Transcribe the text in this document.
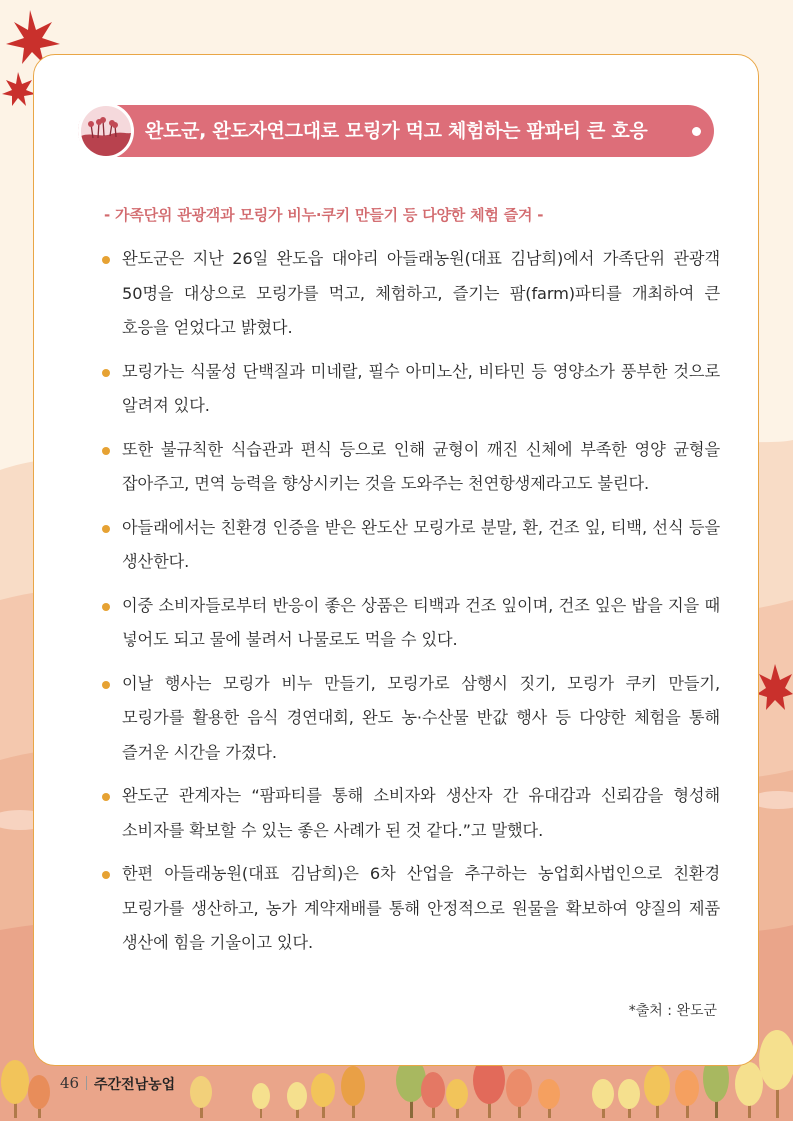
완도군, 완도자연그대로 모링가 먹고 체험하는 팜파티 큰 호응
- 가족단위 관광객과 모링가 비누·쿠키 만들기 등 다양한 체험 즐겨 -
완도군은 지난 26일 완도읍 대야리 아들래농원(대표 김남희)에서 가족단위 관광객 50명을 대상으로 모링가를 먹고, 체험하고, 즐기는 팜(farm)파티를 개최하여 큰 호응을 얻었다고 밝혔다.
모링가는 식물성 단백질과 미네랄, 필수 아미노산, 비타민 등 영양소가 풍부한 것으로 알려져 있다.
또한 불규칙한 식습관과 편식 등으로 인해 균형이 깨진 신체에 부족한 영양 균형을 잡아주고, 면역 능력을 향상시키는 것을 도와주는 천연항생제라고도 불린다.
아들래에서는 친환경 인증을 받은 완도산 모링가로 분말, 환, 건조 잎, 티백, 선식 등을 생산한다.
이중 소비자들로부터 반응이 좋은 상품은 티백과 건조 잎이며, 건조 잎은 밥을 지을 때 넣어도 되고 물에 불려서 나물로도 먹을 수 있다.
이날 행사는 모링가 비누 만들기, 모링가로 삼행시 짓기, 모링가 쿠키 만들기, 모링가를 활용한 음식 경연대회, 완도 농·수산물 반값 행사 등 다양한 체험을 통해 즐거운 시간을 가졌다.
완도군 관계자는 “팜파티를 통해 소비자와 생산자 간 유대감과 신뢰감을 형성해 소비자를 확보할 수 있는 좋은 사례가 된 것 같다.”고 말했다.
한편 아들래농원(대표 김남희)은 6차 산업을 추구하는 농업회사법인으로 친환경 모링가를 생산하고, 농가 계약재배를 통해 안정적으로 원물을 확보하여 양질의 제품 생산에 힘을 기울이고 있다.
*출처 : 완도군
46 주간전남농업
